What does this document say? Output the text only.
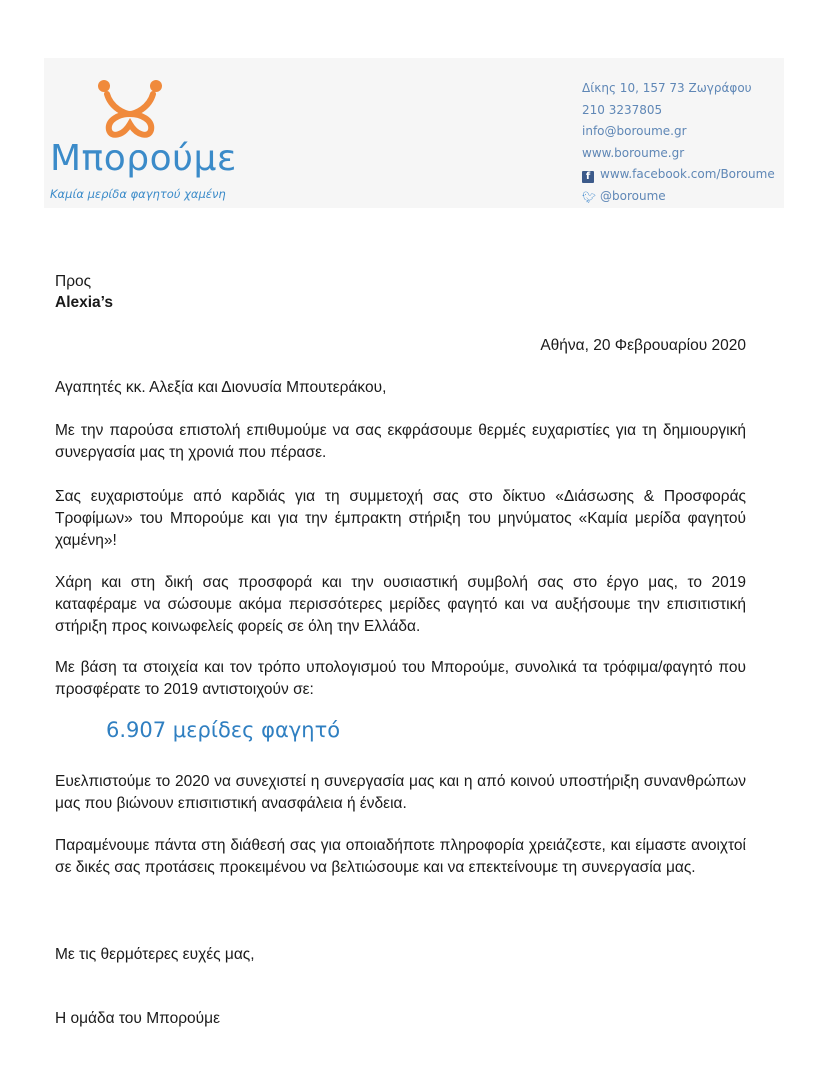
Μπορούμε
Καμία μερίδα φαγητού χαμένη
Δίκης 10, 157 73 Ζωγράφου
210 3237805
info@boroume.gr
www.boroume.gr
f www.facebook.com/Boroume
🐦︎ @boroume
Προς
Alexia’s
Αθήνα, 20 Φεβρουαρίου 2020
Αγαπητές κκ. Αλεξία και Διονυσία Μπουτεράκου,
Με την παρούσα επιστολή επιθυμούμε να σας εκφράσουμε θερμές ευχαριστίες για τη δημιουργική συνεργασία μας τη χρονιά που πέρασε.
Σας ευχαριστούμε από καρδιάς για τη συμμετοχή σας στο δίκτυο «Διάσωσης & Προσφοράς Τροφίμων» του Μπορούμε και για την έμπρακτη στήριξη του μηνύματος «Καμία μερίδα φαγητού χαμένη»!
Χάρη και στη δική σας προσφορά και την ουσιαστική συμβολή σας στο έργο μας, το 2019 καταφέραμε να σώσουμε ακόμα περισσότερες μερίδες φαγητό και να αυξήσουμε την επισιτιστική στήριξη προς κοινωφελείς φορείς σε όλη την Ελλάδα.
Με βάση τα στοιχεία και τον τρόπο υπολογισμού του Μπορούμε, συνολικά τα τρόφιμα/φαγητό που προσφέρατε το 2019 αντιστοιχούν σε:
6.907 μερίδες φαγητό
Ευελπιστούμε το 2020 να συνεχιστεί η συνεργασία μας και η από κοινού υποστήριξη συνανθρώπων μας που βιώνουν επισιτιστική ανασφάλεια ή ένδεια.
Παραμένουμε πάντα στη διάθεσή σας για οποιαδήποτε πληροφορία χρειάζεστε, και είμαστε ανοιχτοί σε δικές σας προτάσεις προκειμένου να βελτιώσουμε και να επεκτείνουμε τη συνεργασία μας.
Με τις θερμότερες ευχές μας,
Η ομάδα του Μπορούμε
